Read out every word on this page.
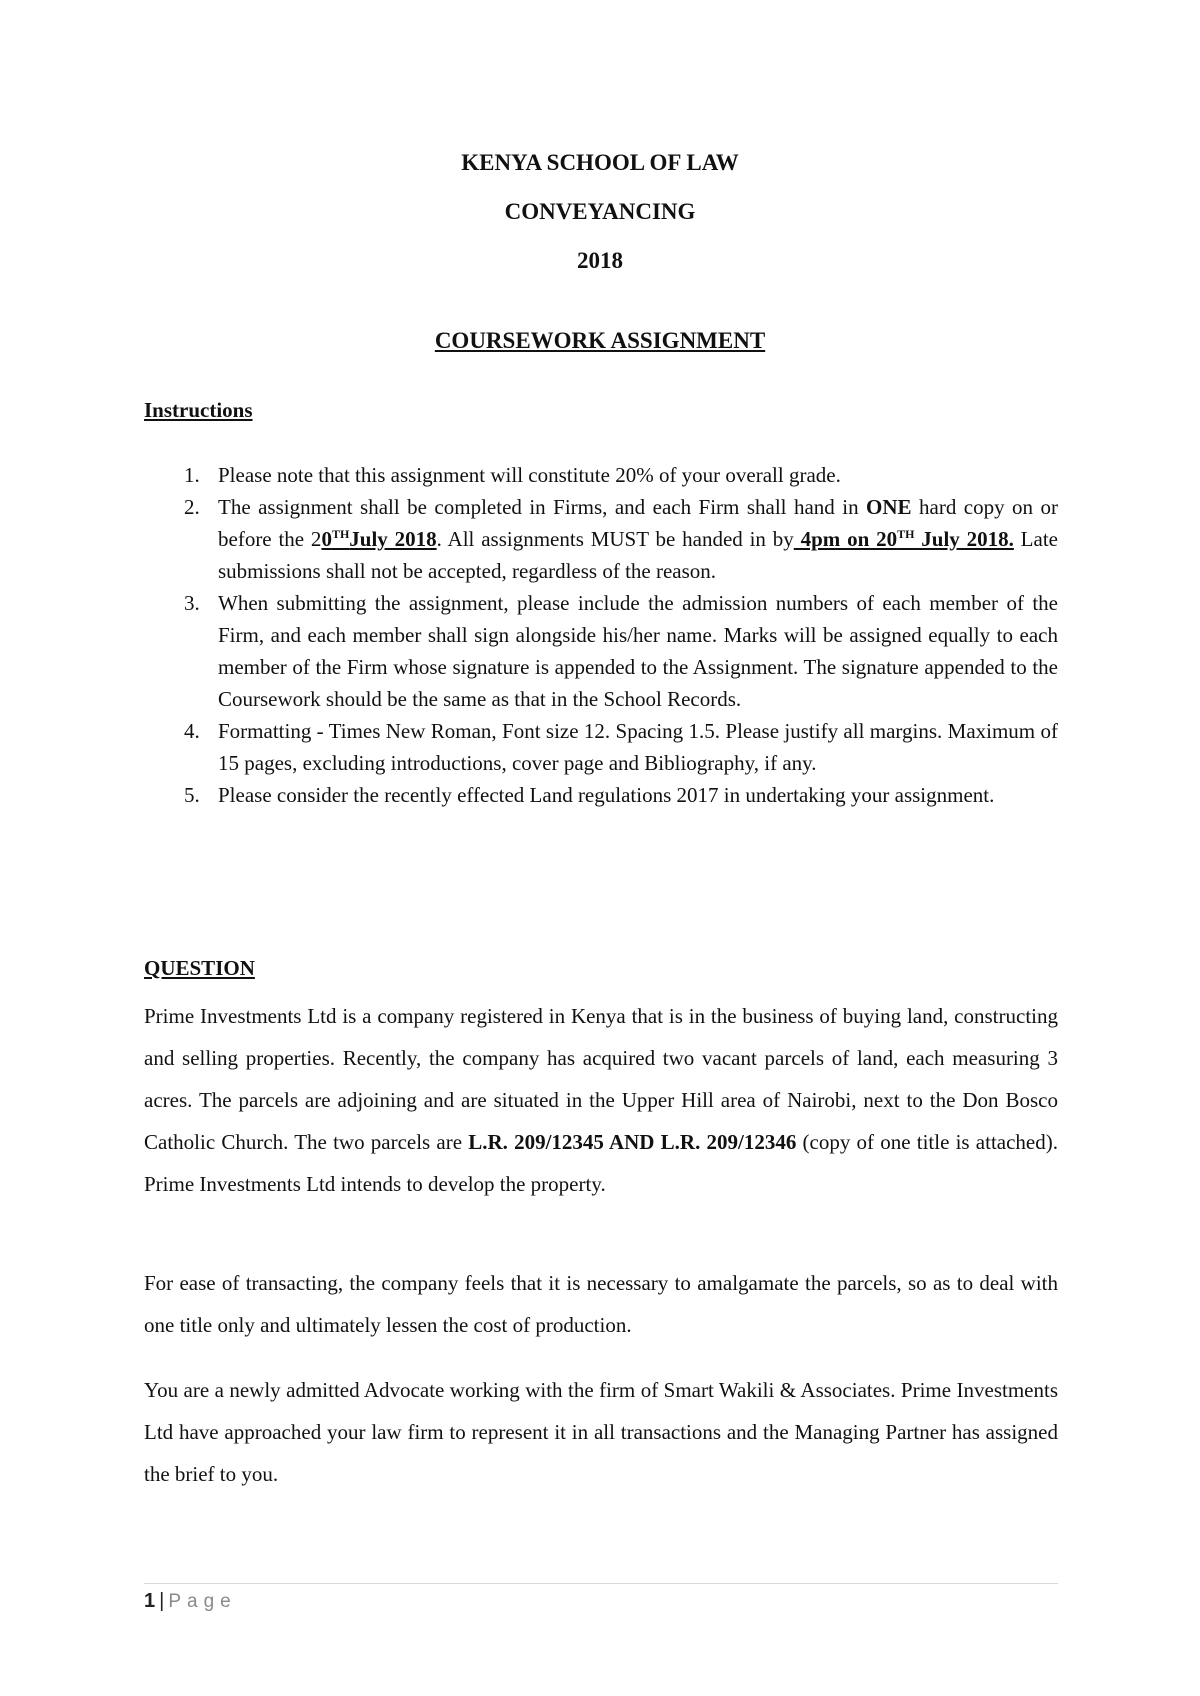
KENYA SCHOOL OF LAW
CONVEYANCING
2018
COURSEWORK ASSIGNMENT
Instructions
1. Please note that this assignment will constitute 20% of your overall grade.
2. The assignment shall be completed in Firms, and each Firm shall hand in ONE hard copy on or before the 20THJuly 2018. All assignments MUST be handed in by 4pm on 20TH July 2018. Late submissions shall not be accepted, regardless of the reason.
3. When submitting the assignment, please include the admission numbers of each member of the Firm, and each member shall sign alongside his/her name. Marks will be assigned equally to each member of the Firm whose signature is appended to the Assignment. The signature appended to the Coursework should be the same as that in the School Records.
4. Formatting - Times New Roman, Font size 12. Spacing 1.5. Please justify all margins. Maximum of 15 pages, excluding introductions, cover page and Bibliography, if any.
5. Please consider the recently effected Land regulations 2017 in undertaking your assignment.
QUESTION

Prime Investments Ltd is a company registered in Kenya that is in the business of buying land, constructing and selling properties. Recently, the company has acquired two vacant parcels of land, each measuring 3 acres. The parcels are adjoining and are situated in the Upper Hill area of Nairobi, next to the Don Bosco Catholic Church. The two parcels are L.R. 209/12345 AND L.R. 209/12346 (copy of one title is attached). Prime Investments Ltd intends to develop the property.

For ease of transacting, the company feels that it is necessary to amalgamate the parcels, so as to deal with one title only and ultimately lessen the cost of production.

You are a newly admitted Advocate working with the firm of Smart Wakili & Associates. Prime Investments Ltd have approached your law firm to represent it in all transactions and the Managing Partner has assigned the brief to you.

1 | Page
